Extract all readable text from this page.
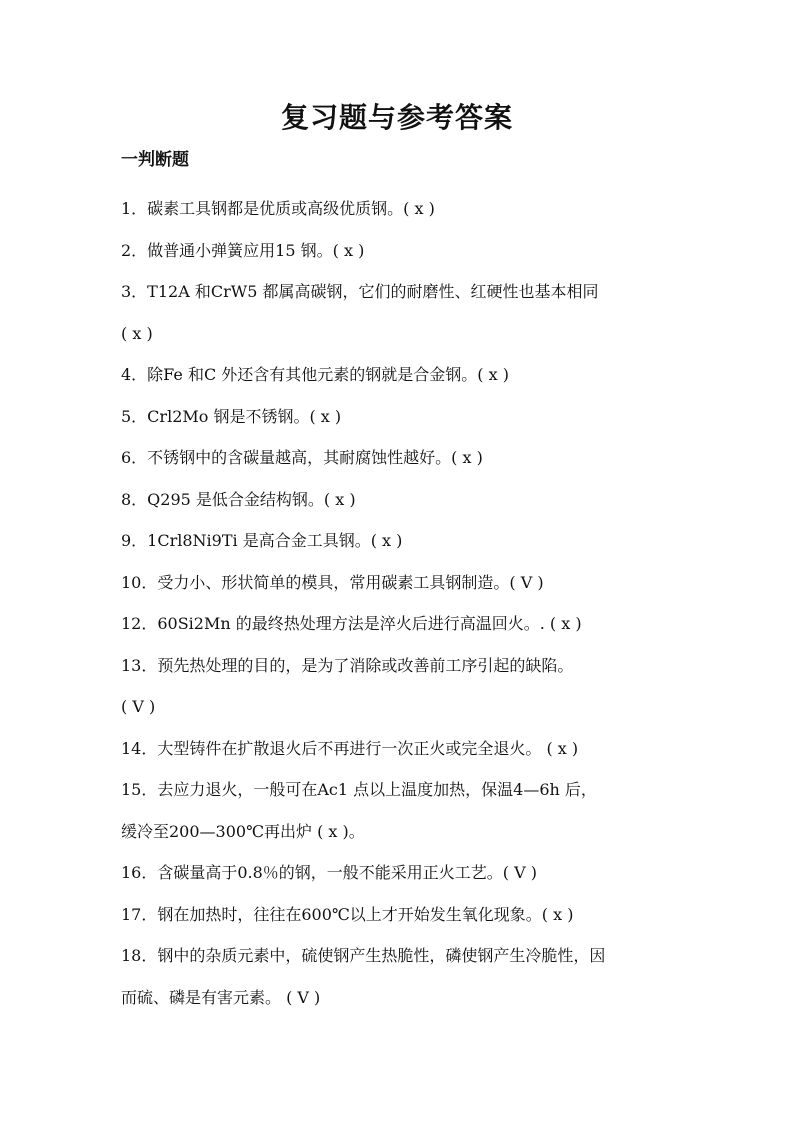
复习题与参考答案
一判断题
1．碳素工具钢都是优质或高级优质钢。( x )
2．做普通小弹簧应用15 钢。( x )
3．T12A 和CrW5 都属高碳钢，它们的耐磨性、红硬性也基本相同
( x )
4．除Fe 和C 外还含有其他元素的钢就是合金钢。( x )
5．Crl2Mo 钢是不锈钢。( x )
6．不锈钢中的含碳量越高，其耐腐蚀性越好。( x )
8．Q295 是低合金结构钢。( x )
9．1Crl8Ni9Ti 是高合金工具钢。( x )
10．受力小、形状简单的模具，常用碳素工具钢制造。( V )
12．60Si2Mn 的最终热处理方法是淬火后进行高温回火。. ( x )
13．预先热处理的目的，是为了消除或改善前工序引起的缺陷。
( V )
14．大型铸件在扩散退火后不再进行一次正火或完全退火。 ( x )
15．去应力退火，一般可在Ac1 点以上温度加热，保温4—6h 后，
缓冷至200—300℃再出炉 ( x )。
16．含碳量高于0.8％的钢，一般不能采用正火工艺。( V )
17．钢在加热时，往往在600℃以上才开始发生氧化现象。( x )
18．钢中的杂质元素中，硫使钢产生热脆性，磷使钢产生冷脆性，因
而硫、磷是有害元素。 ( V )
